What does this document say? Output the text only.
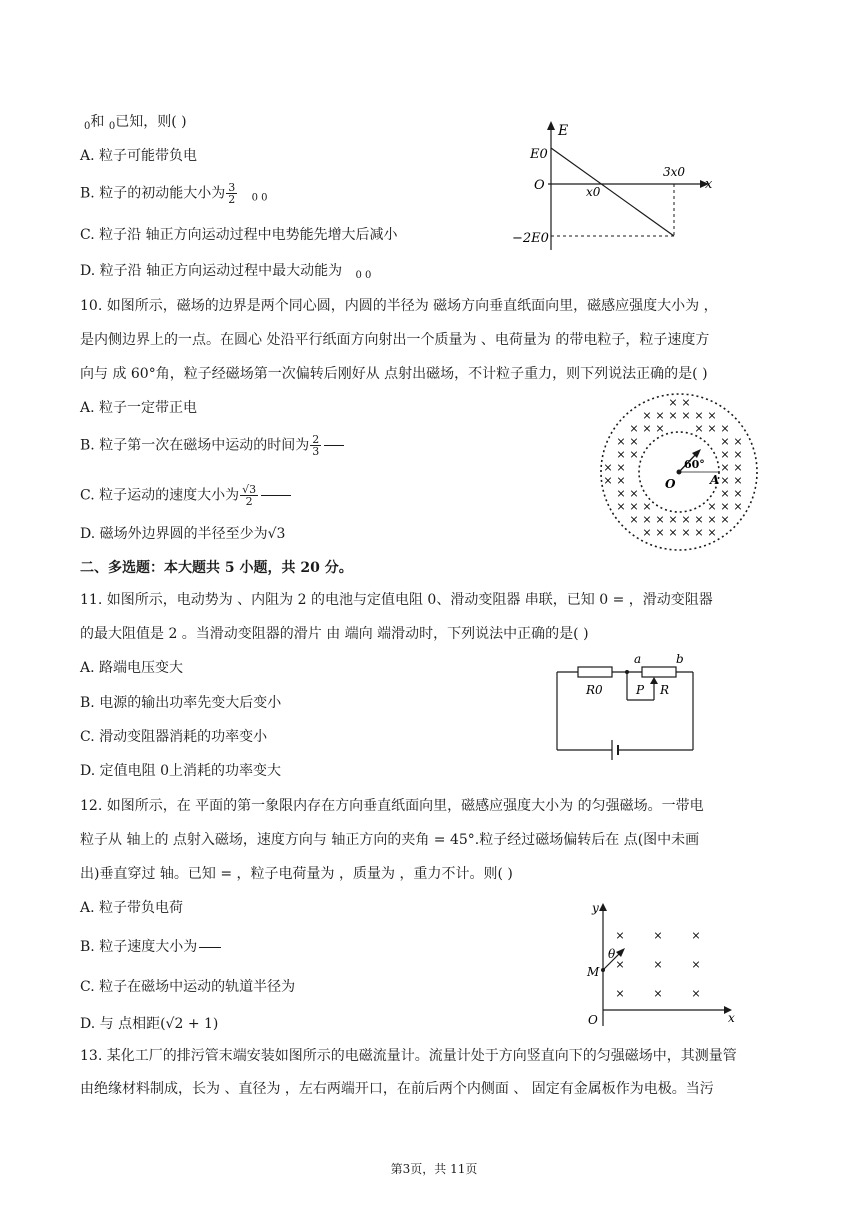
$_0$和 $_0$已知，则( )
A. 粒子可能带负电
B. 粒子的初动能大小为 $\frac{3}{2} _{0 0}$
C. 粒子沿 轴正方向运动过程中电势能先增大后减小
D. 粒子沿 轴正方向运动过程中最大动能为 $_{0 0}$
E
E0
O	x0
3x0
x
−2E0
10. 如图所示，磁场的边界是两个同心圆，内圆的半径为 磁场方向垂直纸面向里，磁感应强度大小为 ，
是内侧边界上的一点。在圆心 处沿平行纸面方向射出一个质量为 、电荷量为 的带电粒子，粒子速度方
向与 成 60°角，粒子经磁场第一次偏转后刚好从 点射出磁场，不计粒子重力，则下列说法正确的是( )
A. 粒子一定带正电
B. 粒子第一次在磁场中运动的时间为 $\frac{2}{3}$
C. 粒子运动的速度大小为 $\frac{√3}{2}$
D. 磁场外边界圆的半径至少为√3
× ×
× × × × × ×
× × ×	× × ×
× ×	× ×
× ×	× ×
× ×	× ×
× ×	× ×
× ×	× ×
× × ×	× × ×
× × × × × × × ×
× × × × × ×
60°
O	A
二、多选题：本大题共 5 小题，共 20 分。
11. 如图所示，电动势为 、内阻为 2 的电池与定值电阻 0、滑动变阻器 串联，已知 0 = ，滑动变阻器
的最大阻值是 2 。当滑动变阻器的滑片 由 端向 端滑动时，下列说法中正确的是( )
A. 路端电压变大
B. 电源的输出功率先变大后变小
C. 滑动变阻器消耗的功率变小
D. 定值电阻 0上消耗的功率变大
R0	P R
a	b
12. 如图所示，在 平面的第一象限内存在方向垂直纸面向里，磁感应强度大小为 的匀强磁场。一带电
粒子从 轴上的 点射入磁场，速度方向与 轴正方向的夹角 = 45°.粒子经过磁场偏转后在 点(图中未画
出)垂直穿过 轴。已知 = ，粒子电荷量为 ，质量为 ，重力不计。则( )
A. 粒子带负电荷
B. 粒子速度大小为
C. 粒子在磁场中运动的轨道半径为
D. 与 点相距(√2 + 1)
×	×	×
×	×	×
×	×	×
y
x
O
M
θ
13. 某化工厂的排污管末端安装如图所示的电磁流量计。流量计处于方向竖直向下的匀强磁场中，其测量管
由绝缘材料制成，长为 、直径为 ，左右两端开口，在前后两个内侧面 、 固定有金属板作为电极。当污
第3页，共 11页
